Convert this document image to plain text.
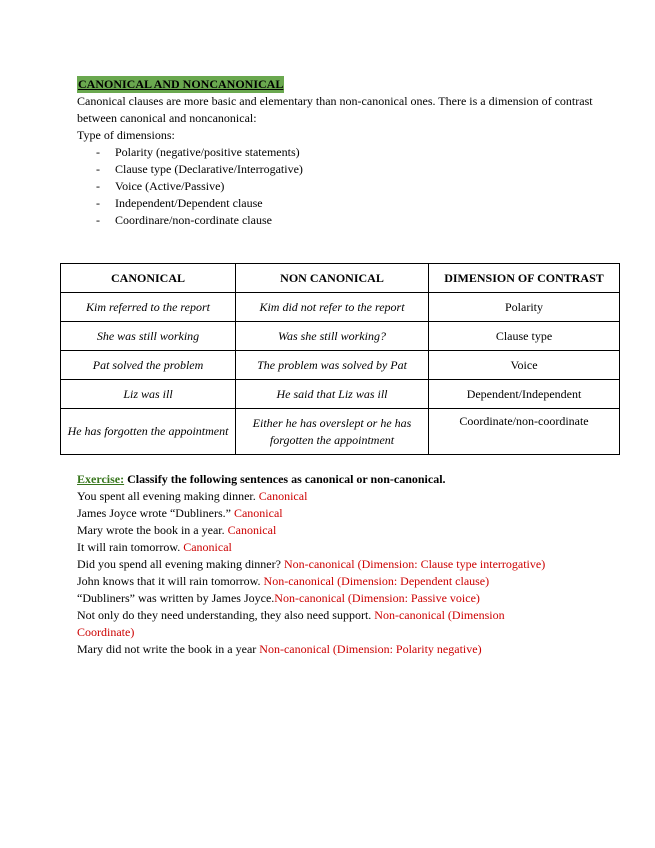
CANONICAL AND NONCANONICAL

Canonical clauses are more basic and elementary than non-canonical ones. There is a dimension of contrast between canonical and noncanonical:

Type of dimensions:

- Polarity (negative/positive statements)
- Clause type (Declarative/Interrogative)
- Voice (Active/Passive)
- Independent/Dependent clause
- Coordinare/non-cordinate clause
CANONICAL	NON CANONICAL	DIMENSION OF CONTRAST
Kim referred to the report	Kim did not refer to the report	Polarity
She was still working	Was she still working?	Clause type
Pat solved the problem	The problem was solved by Pat	Voice
Liz was ill	He said that Liz was ill	Dependent/Independent
He has forgotten the appointment	Either he has overslept or he has forgotten the appointment	Coordinate/non-coordinate

Exercise: Classify the following sentences as canonical or non-canonical.

You spent all evening making dinner. Canonical

James Joyce wrote “Dubliners.” Canonical

Mary wrote the book in a year. Canonical

It will rain tomorrow. Canonical

Did you spend all evening making dinner? Non-canonical (Dimension: Clause type interrogative)

John knows that it will rain tomorrow. Non-canonical (Dimension: Dependent clause)

“Dubliners” was written by James Joyce.Non-canonical (Dimension: Passive voice)

Not only do they need understanding, they also need support. Non-canonical (Dimension Coordinate)

Mary did not write the book in a year Non-canonical (Dimension: Polarity negative)
